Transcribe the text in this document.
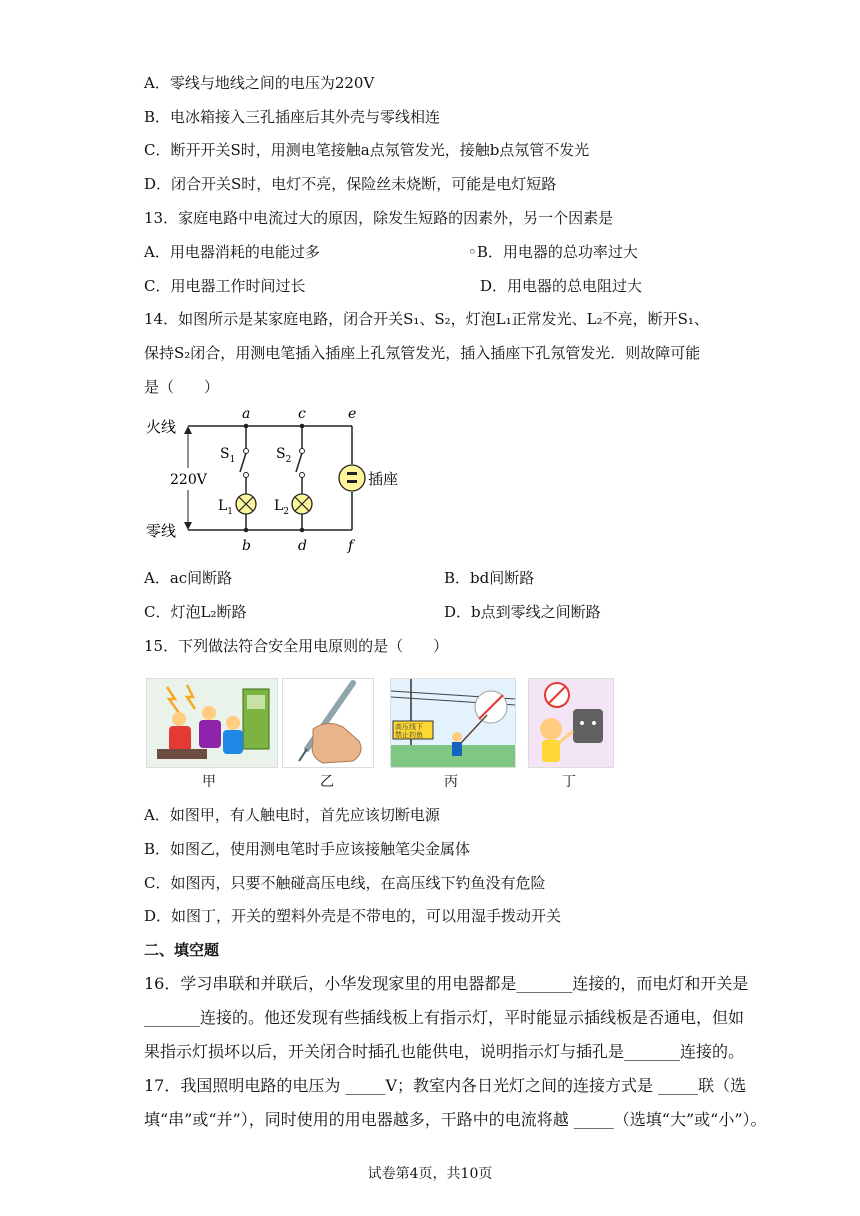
A．零线与地线之间的电压为220V
B．电冰箱接入三孔插座后其外壳与零线相连
C．断开开关S时，用测电笔接触a点氖管发光，接触b点氖管不发光
D．闭合开关S时，电灯不亮，保险丝未烧断，可能是电灯短路
13．家庭电路中电流过大的原因，除发生短路的因素外，另一个因素是
A．用电器消耗的电能过多	◦B．用电器的总功率过大
C．用电器工作时间过长	D．用电器的总电阻过大
14．如图所示是某家庭电路，闭合开关S₁、S₂，灯泡L₁正常发光、L₂不亮，断开S₁、
保持S₂闭合，用测电笔插入插座上孔氖管发光，插入插座下孔氖管发光．则故障可能
是（　　）
火线
零线
220V
a
b
$S_1$
$L_1$
c
d
$S_2$
$L_2$
e
f
插座
A．ac间断路	B．bd间断路
C．灯泡L₂断路	D．b点到零线之间断路
15．下列做法符合安全用电原则的是（　　）
高压线下
禁止钓鱼
甲	乙	丙	丁
A．如图甲，有人触电时，首先应该切断电源
B．如图乙，使用测电笔时手应该接触笔尖金属体
C．如图丙，只要不触碰高压电线，在高压线下钓鱼没有危险
D．如图丁，开关的塑料外壳是不带电的，可以用湿手拨动开关
二、填空题
16．学习串联和并联后，小华发现家里的用电器都是_______连接的，而电灯和开关是
_______连接的。他还发现有些插线板上有指示灯，平时能显示插线板是否通电，但如
果指示灯损坏以后，开关闭合时插孔也能供电，说明指示灯与插孔是_______连接的。
17．我国照明电路的电压为 _____V；教室内各日光灯之间的连接方式是 _____联（选
填“串”或“并”），同时使用的用电器越多，干路中的电流将越 _____（选填“大”或“小”）。
试卷第4页，共10页
